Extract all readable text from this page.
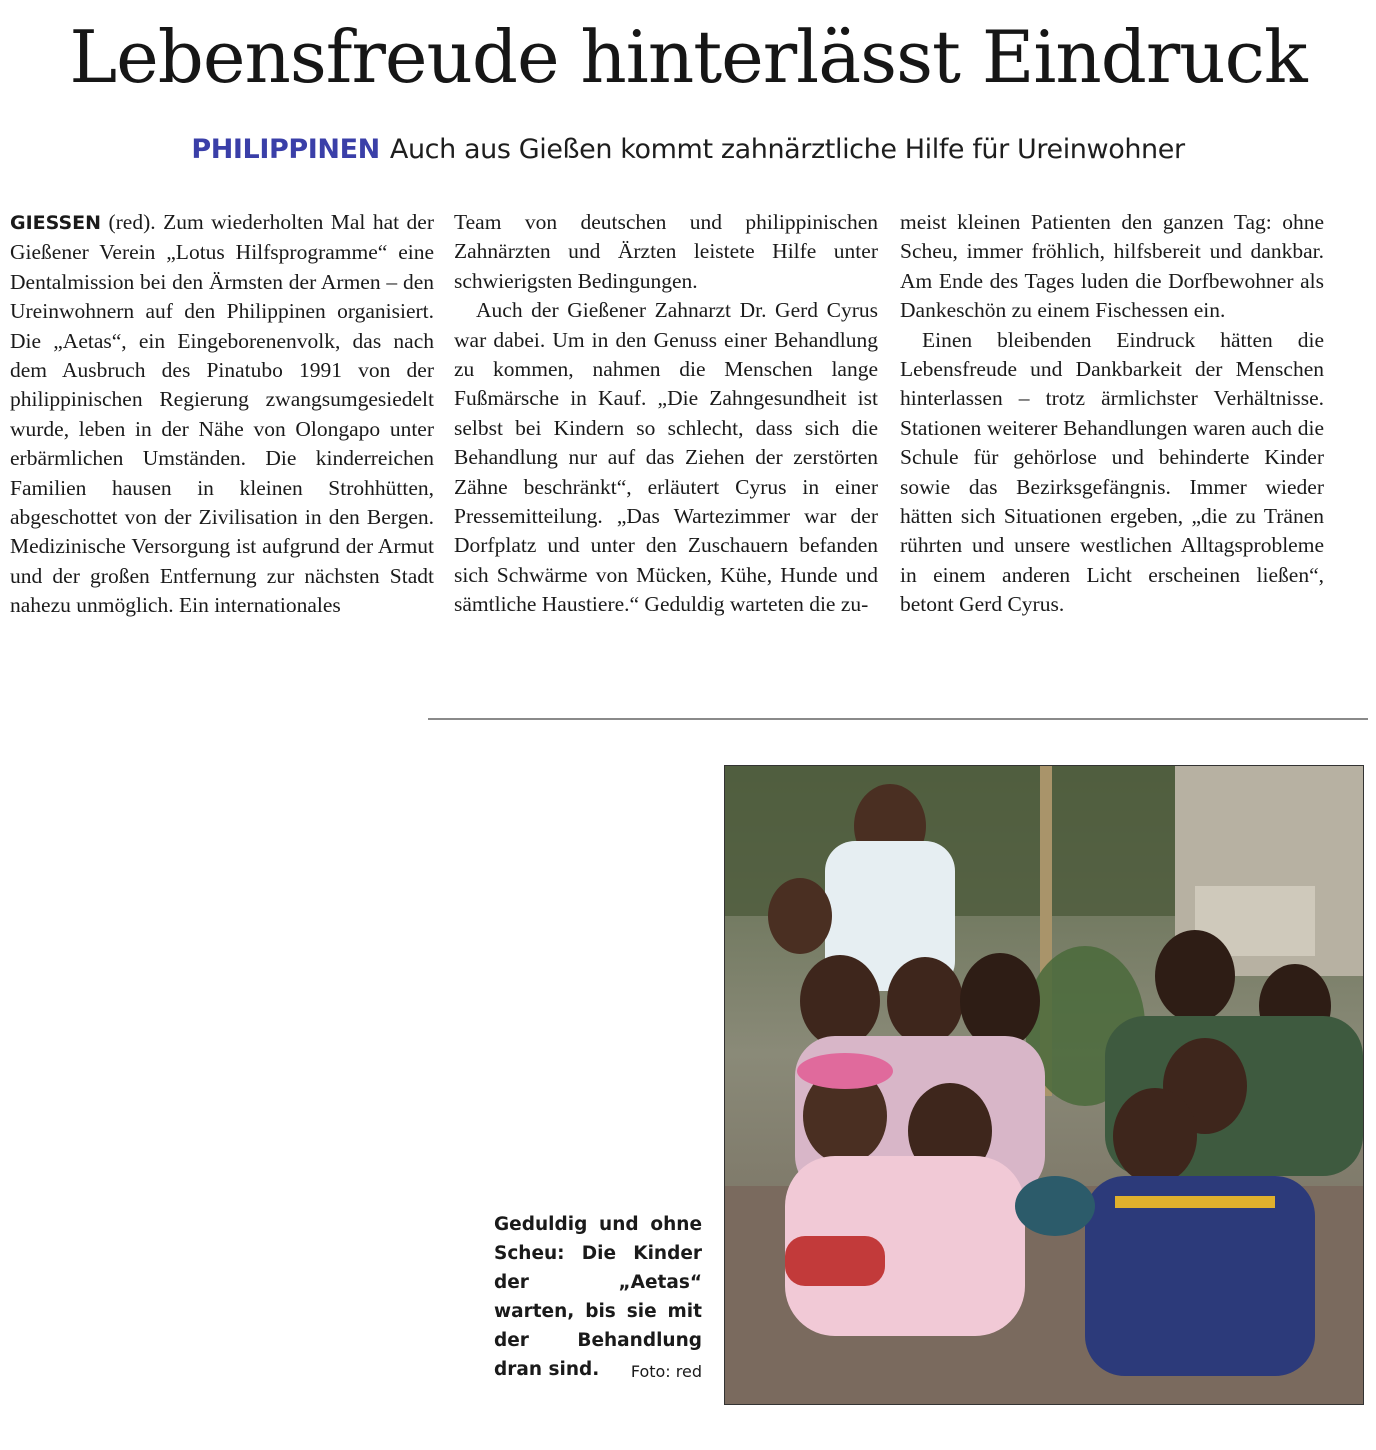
Lebensfreude hinterlässt Eindruck
PHILIPPINEN Auch aus Gießen kommt zahnärztliche Hilfe für Ureinwohner

GIESSEN (red). Zum wiederholten Mal hat der Gießener Verein „Lotus Hilfsprogramme“ eine Dentalmission bei den Ärmsten der Armen – den Ureinwohnern auf den Philippinen organisiert. Die „Aetas“, ein Eingeborenenvolk, das nach dem Ausbruch des Pinatubo 1991 von der philippinischen Regierung zwangsumgesiedelt wurde, leben in der Nähe von Olongapo unter erbärmlichen Umständen. Die kinderreichen Familien hausen in kleinen Strohhütten, abgeschottet von der Zivilisation in den Bergen. Medizinische Versorgung ist aufgrund der Armut und der großen Entfernung zur nächsten Stadt nahezu unmöglich. Ein internationales

Team von deutschen und philippinischen Zahnärzten und Ärzten leistete Hilfe unter schwierigsten Bedingungen.

Auch der Gießener Zahnarzt Dr. Gerd Cyrus war dabei. Um in den Genuss einer Behandlung zu kommen, nahmen die Menschen lange Fußmärsche in Kauf. „Die Zahngesundheit ist selbst bei Kindern so schlecht, dass sich die Behandlung nur auf das Ziehen der zerstörten Zähne beschränkt“, erläutert Cyrus in einer Pressemitteilung. „Das Wartezimmer war der Dorfplatz und unter den Zuschauern befanden sich Schwärme von Mücken, Kühe, Hunde und sämtliche Haustiere.“ Geduldig warteten die zu-

meist kleinen Patienten den ganzen Tag: ohne Scheu, immer fröhlich, hilfsbereit und dankbar. Am Ende des Tages luden die Dorfbewohner als Dankeschön zu einem Fischessen ein.

Einen bleibenden Eindruck hätten die Lebensfreude und Dankbarkeit der Menschen hinterlassen – trotz ärmlichster Verhältnisse. Stationen weiterer Behandlungen waren auch die Schule für gehörlose und behinderte Kinder sowie das Bezirksgefängnis. Immer wieder hätten sich Situationen ergeben, „die zu Tränen rührten und unsere westlichen Alltagsprobleme in einem anderen Licht erscheinen ließen“, betont Gerd Cyrus.

Geduldig und ohne Scheu: Die Kinder der „Aetas“ warten, bis sie mit der Behandlung dran sind. Foto: red
